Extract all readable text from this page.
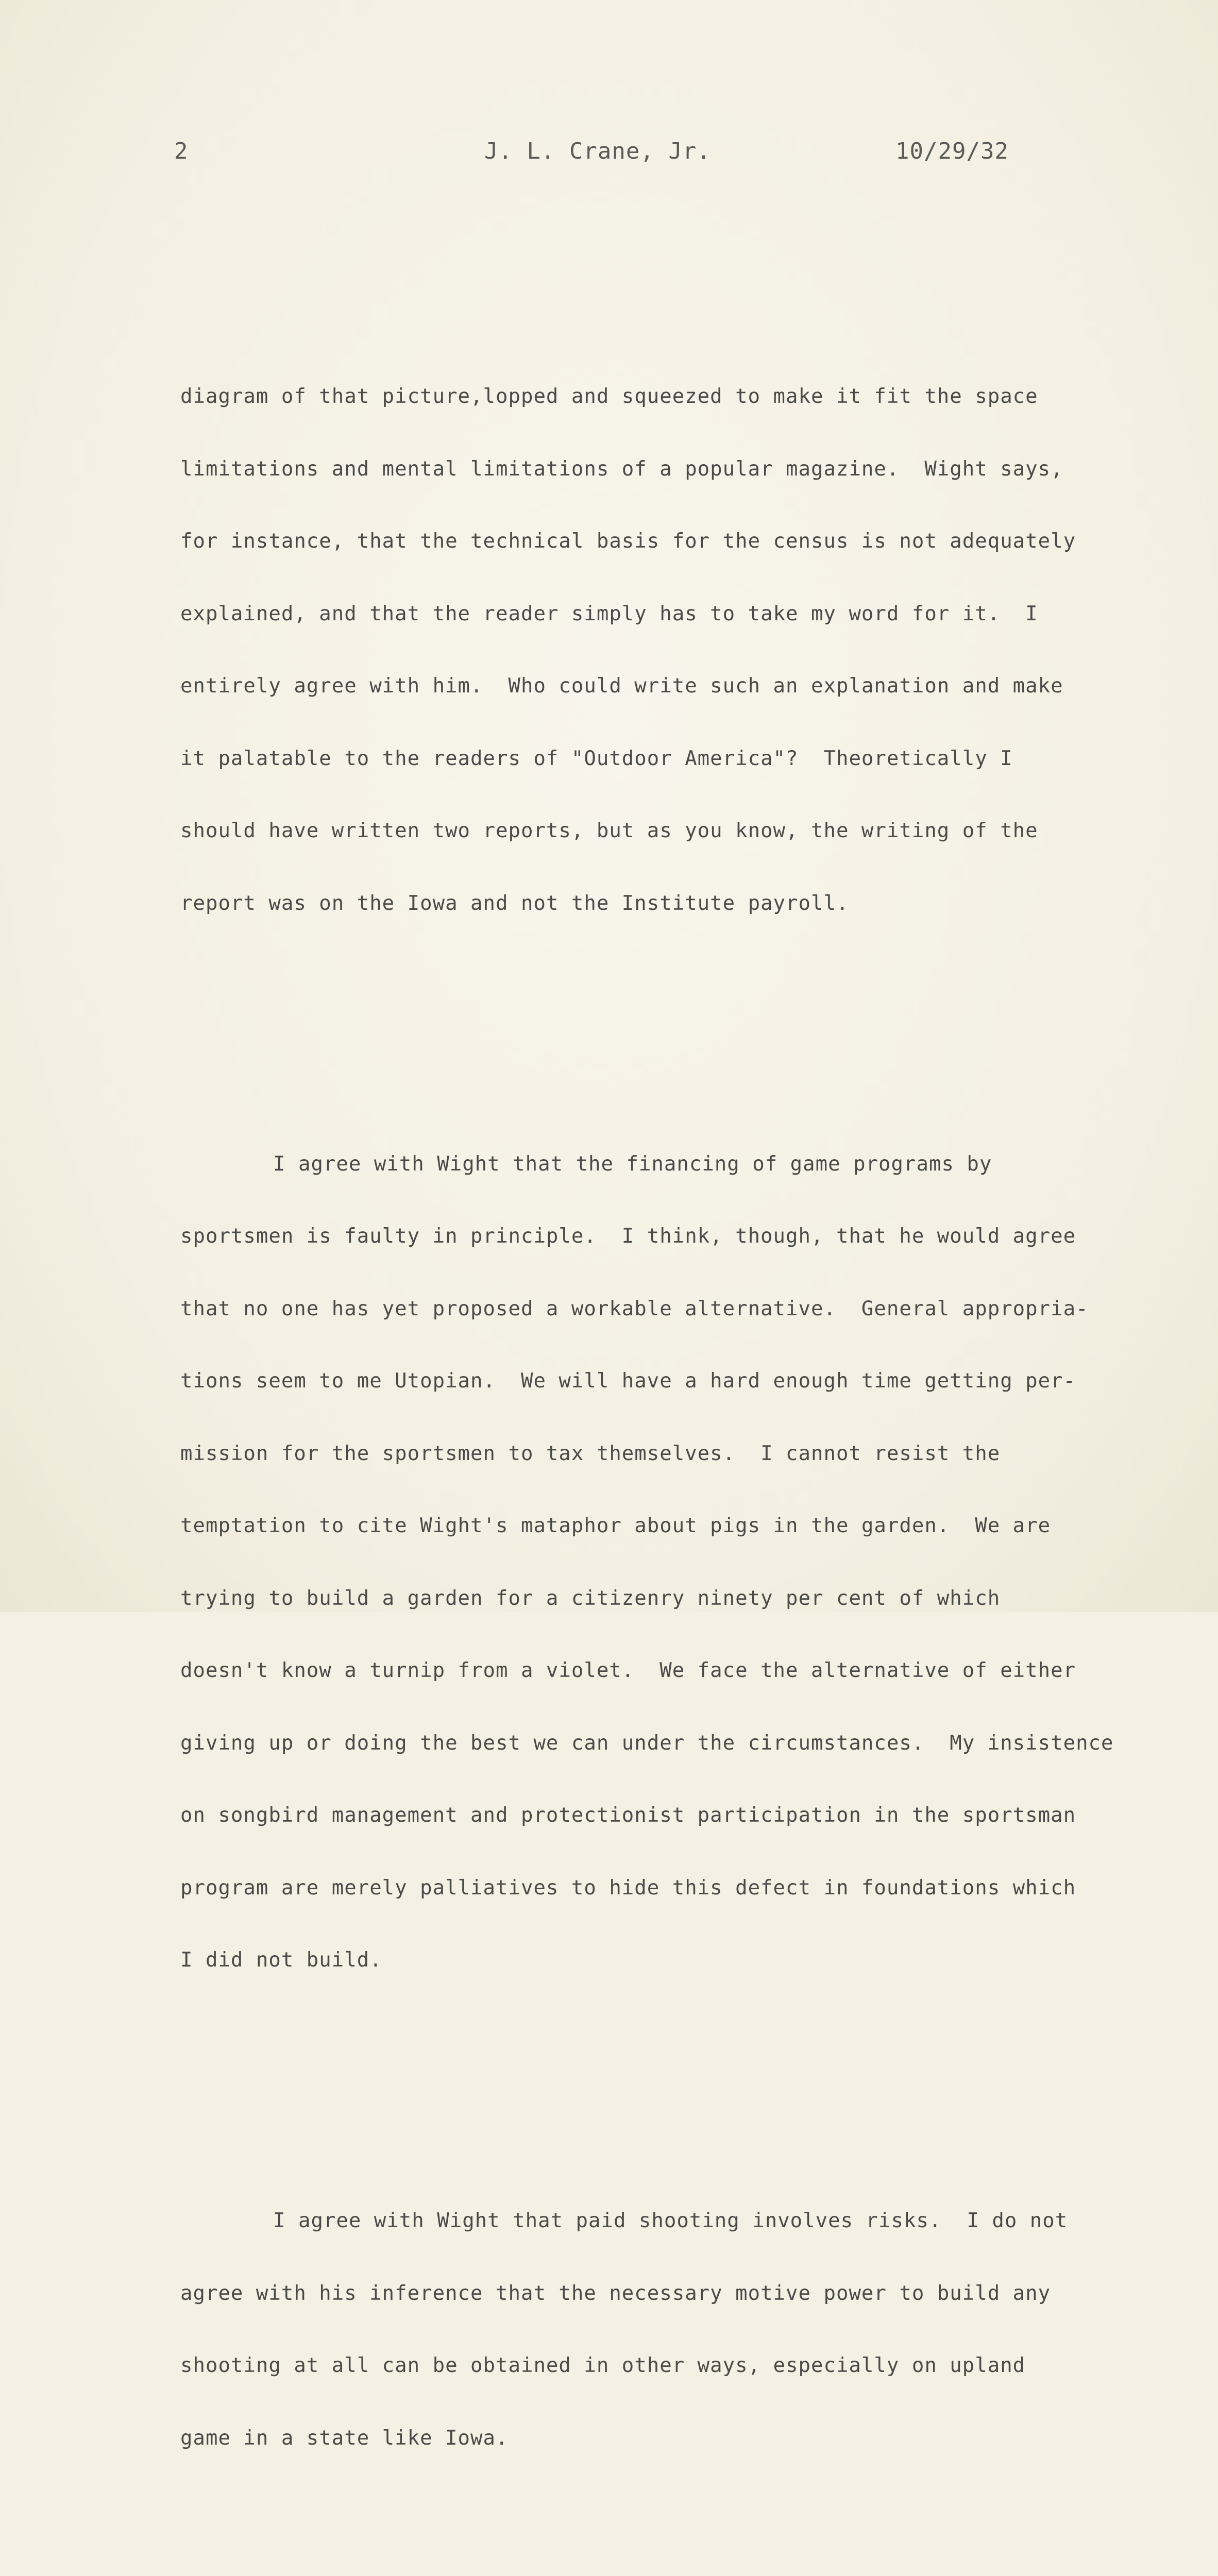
2	J. L. Crane, Jr.	10/29/32

diagram of that picture,lopped and squeezed to make it fit the space

limitations and mental limitations of a popular magazine.  Wight says,

for instance, that the technical basis for the census is not adequately

explained, and that the reader simply has to take my word for it.  I

entirely agree with him.  Who could write such an explanation and make

it palatable to the readers of "Outdoor America"?  Theoretically I

should have written two reports, but as you know, the writing of the

report was on the Iowa and not the Institute payroll.

I agree with Wight that the financing of game programs by

sportsmen is faulty in principle.  I think, though, that he would agree

that no one has yet proposed a workable alternative.  General appropria-

tions seem to me Utopian.  We will have a hard enough time getting per-

mission for the sportsmen to tax themselves.  I cannot resist the

temptation to cite Wight's mataphor about pigs in the garden.  We are

trying to build a garden for a citizenry ninety per cent of which

doesn't know a turnip from a violet.  We face the alternative of either

giving up or doing the best we can under the circumstances.  My insistence

on songbird management and protectionist participation in the sportsman

program are merely palliatives to hide this defect in foundations which

I did not build.

I agree with Wight that paid shooting involves risks.  I do not

agree with his inference that the necessary motive power to build any

shooting at all can be obtained in other ways, especially on upland

game in a state like Iowa.
